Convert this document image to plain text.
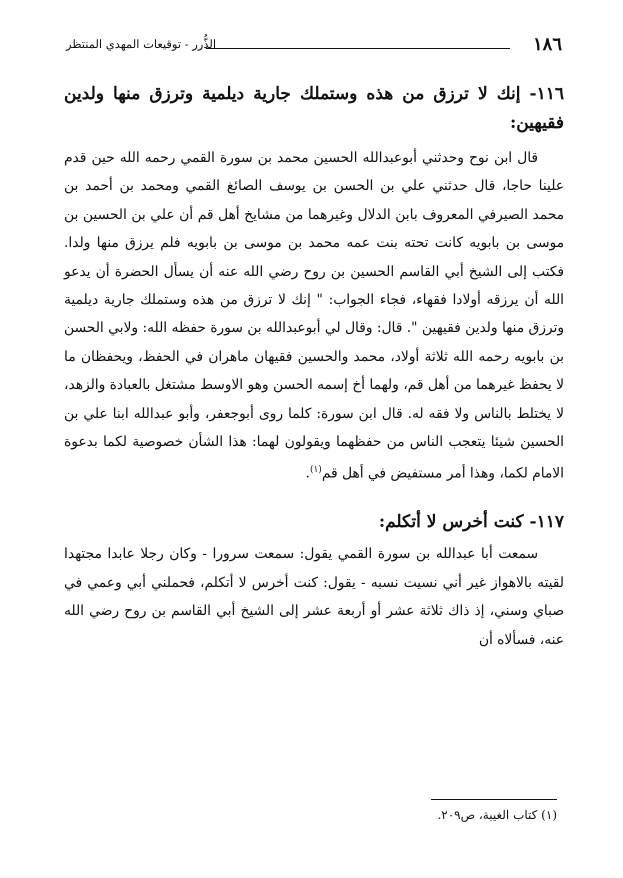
١٨٦
الذُّرر - توقيعات المهدي المنتظر
١١٦- إنك لا ترزق من هذه وستملك جارية ديلمية وترزق منها ولدين فقيهين:

قال ابن نوح وحدثني أبوعبدالله الحسين محمد بن سورة القمي رحمه الله حين قدم علينا حاجا، قال حدثني علي بن الحسن بن يوسف الصائغ القمي ومحمد بن أحمد بن محمد الصيرفي المعروف بابن الدلال وغيرهما من مشايخ أهل قم أن علي بن الحسين بن موسى بن بابويه كانت تحته بنت عمه محمد بن موسى بن بابويه فلم يرزق منها ولدا. فكتب إلى الشيخ أبي القاسم الحسين بن روح رضي الله عنه أن يسأل الحضرة أن يدعو الله أن يرزقه أولادا فقهاء، فجاء الجواب: " إنك لا ترزق من هذه وستملك جارية ديلمية وترزق منها ولدين فقيهين ". قال: وقال لي أبوعبدالله بن سورة حفظه الله: ولابي الحسن بن بابويه رحمه الله ثلاثة أولاد، محمد والحسين فقيهان ماهران في الحفظ، ويحفظان ما لا يحفظ غيرهما من أهل قم، ولهما أخ إسمه الحسن وهو الاوسط مشتغل بالعبادة والزهد، لا يختلط بالناس ولا فقه له. قال ابن سورة: كلما روى أبوجعفر، وأبو عبدالله ابنا علي بن الحسين شيئا يتعجب الناس من حفظهما ويقولون لهما: هذا الشأن خصوصية لكما بدعوة الامام لكما، وهذا أمر مستفيض في أهل قم$^{(١)}$.

١١٧- كنت أخرس لا أتكلم:

سمعت أبا عبدالله بن سورة القمي يقول: سمعت سرورا - وكان رجلا عابدا مجتهدا لقيته بالاهواز غير أني نسيت نسبه - يقول: كنت أخرس لا أتكلم، فحملني أبي وعمي في صباي وسني، إذ ذاك ثلاثة عشر أو أربعة عشر إلى الشيخ أبي القاسم بن روح رضي الله عنه، فسألاه أن

(١) كتاب الغيبة، ص٢٠٩.
